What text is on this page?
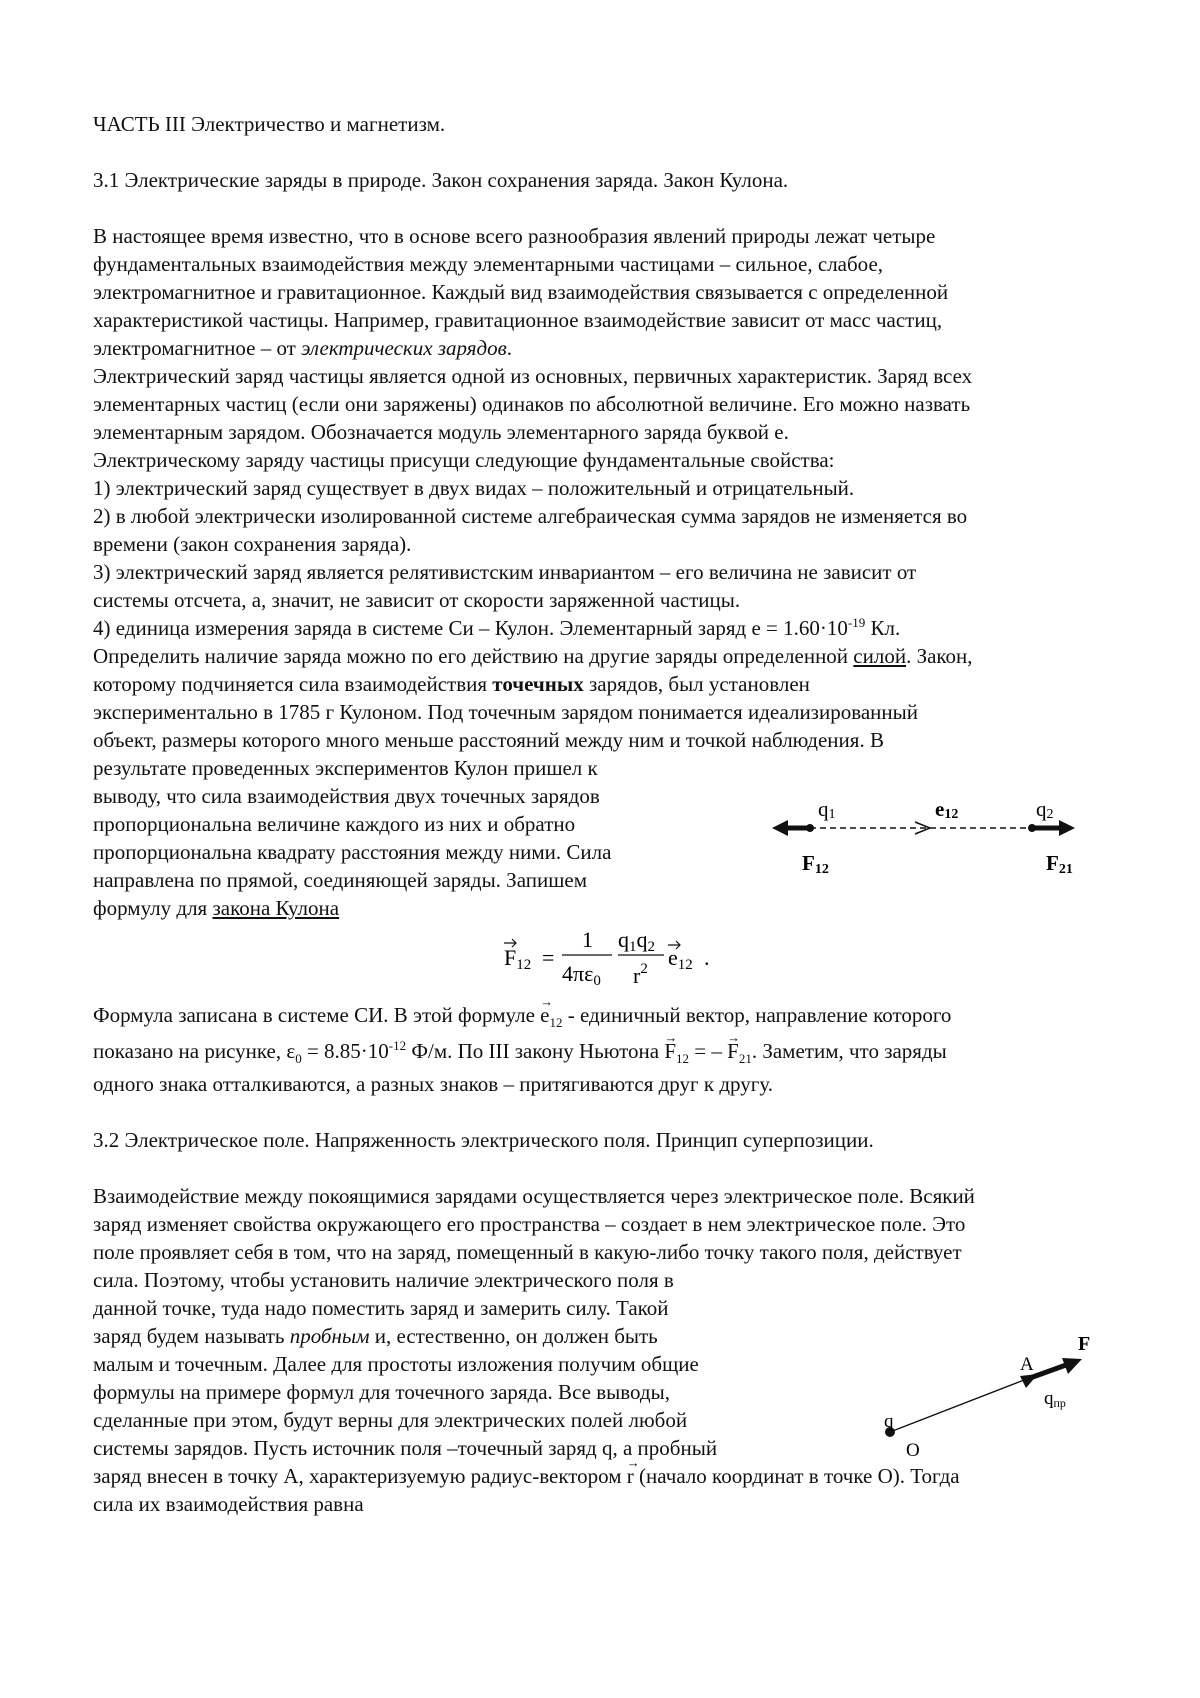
ЧАСТЬ III Электричество и магнетизм.

3.1 Электрические заряды в природе. Закон сохранения заряда. Закон Кулона.

В настоящее время известно, что в основе всего разнообразия явлений природы лежат четыре

фундаментальных взаимодействия между элементарными частицами – сильное, слабое,

электромагнитное и гравитационное. Каждый вид взаимодействия связывается с определенной

характеристикой частицы. Например, гравитационное взаимодействие зависит от масс частиц,

электромагнитное – от электрических зарядов.

Электрический заряд частицы является одной из основных, первичных характеристик. Заряд всех

элементарных частиц (если они заряжены) одинаков по абсолютной величине. Его можно назвать

элементарным зарядом. Обозначается модуль элементарного заряда буквой e.

Электрическому заряду частицы присущи следующие фундаментальные свойства:

1) электрический заряд существует в двух видах – положительный и отрицательный.

2) в любой электрически изолированной системе алгебраическая сумма зарядов не изменяется во

времени (закон сохранения заряда).

3) электрический заряд является релятивистским инвариантом – его величина не зависит от

системы отсчета, а, значит, не зависит от скорости заряженной частицы.

4) единица измерения заряда в системе Си – Кулон. Элементарный заряд $e = 1.60\cdot 10^{-19}$ Кл.

Определить наличие заряда можно по его действию на другие заряды определенной силой. Закон,

которому подчиняется сила взаимодействия точечных зарядов, был установлен

экспериментально в 1785 г Кулоном. Под точечным зарядом понимается идеализированный

объект, размеры которого много меньше расстояний между ним и точкой наблюдения. В

результате проведенных экспериментов Кулон пришел к

выводу, что сила взаимодействия двух точечных зарядов

пропорциональна величине каждого из них и обратно

пропорциональна квадрату расстояния между ними. Сила

направлена по прямой, соединяющей заряды. Запишем

формулу для закона Кулона

q1	e12	q2
F12	F21
F12 =
1
4πε0
q1q2
$r^2$ e12 .

Формула записана в системе СИ. В этой формуле → $e_{12}$ - единичный вектор, направление которого

показано на рисунке, $\varepsilon_0 = 8.85\cdot 10^{-12}$ Ф/м. По III закону Ньютона → $F_{12}$ = – → $F_{21}$. Заметим, что заряды

одного знака отталкиваются, а разных знаков – притягиваются друг к другу.

3.2 Электрическое поле. Напряженность электрического поля. Принцип суперпозиции.

Взаимодействие между покоящимися зарядами осуществляется через электрическое поле. Всякий

заряд изменяет свойства окружающего его пространства – создает в нем электрическое поле. Это

поле проявляет себя в том, что на заряд, помещенный в какую-либо точку такого поля, действует

сила. Поэтому, чтобы установить наличие электрического поля в

данной точке, туда надо поместить заряд и замерить силу. Такой

заряд будем называть пробным и, естественно, он должен быть

малым и точечным. Далее для простоты изложения получим общие

формулы на примере формул для точечного заряда. Все выводы,

сделанные при этом, будут верны для электрических полей любой

системы зарядов. Пусть источник поля –точечный заряд q, а пробный

заряд внесен в точку А, характеризуемую радиус-вектором → r (начало координат в точке O). Тогда

сила их взаимодействия равна

F
A
qпр
q
O
